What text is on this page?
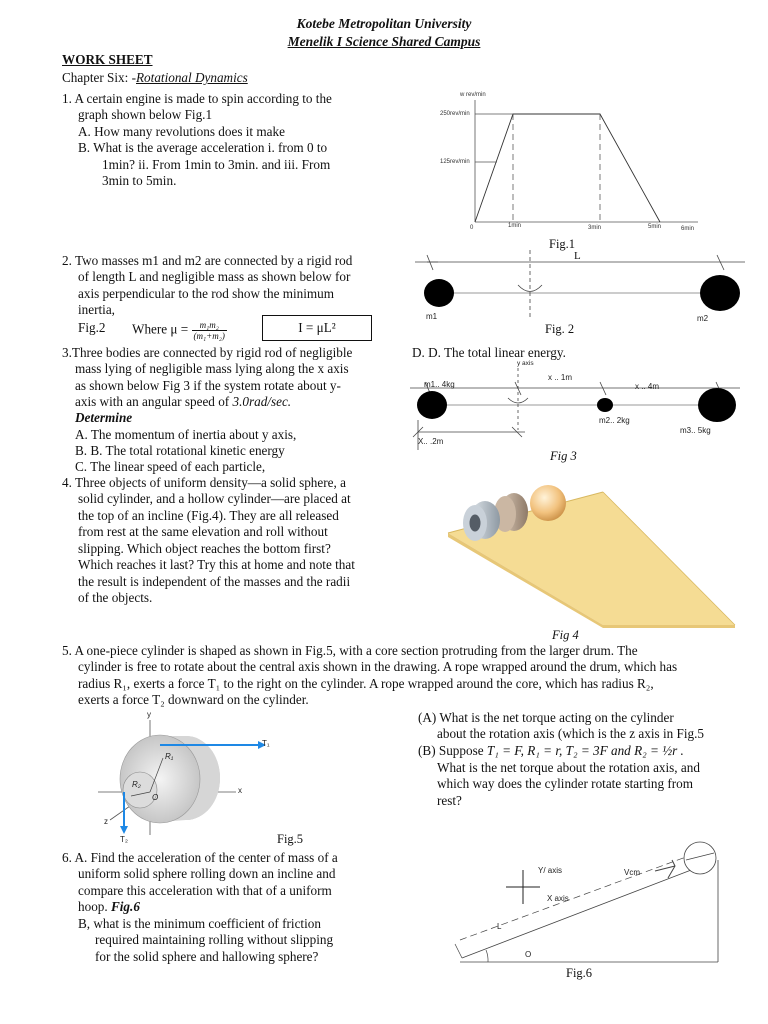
Kotebe Metropolitan University
Menelik I Science Shared Campus
WORK SHEET
Chapter Six: -Rotational Dynamics
1. A certain engine is made to spin according to the
graph shown below Fig.1
A. How many revolutions does it make
B. What is the average acceleration i. from 0 to
1min? ii. From 1min to 3min. and iii. From
3min to 5min.
w rev/min
250rev/min
125rev/min
0	1min	3min	5min	6min
Fig.1
2. Two masses m1 and m2 are connected by a rigid rod
of length L and negligible mass as shown below for
axis perpendicular to the rod show the minimum
inertia,
Fig.2 Where $\mu = \frac{\text{m₁m₂}}{\text{(m₁+m₂)}}$	I = μL²
L
m1	m2
Fig. 2
3.Three bodies are connected by rigid rod of negligible
mass lying of negligible mass lying along the x axis
as shown below Fig 3 if the system rotate about y-
axis with an angular speed of 3.0rad/sec.
Determine
A. The momentum of inertia about y axis,
B. B. The total rotational kinetic energy
C. The linear speed of each particle,
D. D. The total linear energy.
y axis
x .. 1m
x .. 4m
m1.. 4kg
m2.. 2kg
m3.. 5kg
X.. .2m
Fig 3
4. Three objects of uniform density—a solid sphere, a
solid cylinder, and a hollow cylinder—are placed at
the top of an incline (Fig.4). They are all released
from rest at the same elevation and roll without
slipping. Which object reaches the bottom first?
Which reaches it last? Try this at home and note that
the result is independent of the masses and the radii
of the objects.
Fig 4
5. A one-piece cylinder is shaped as shown in Fig.5, with a core section protruding from the larger drum. The
cylinder is free to rotate about the central axis shown in the drawing. A rope wrapped around the drum, which has
radius R₁, exerts a force T₁ to the right on the cylinder. A rope wrapped around the core, which has radius R₂,
exerts a force T₂ downward on the cylinder.
(A) What is the net torque acting on the cylinder
about the rotation axis (which is the z axis in Fig.5
(B) Suppose T₁ = F, R₁ = r, T₂ = 3F and R₂ = ½r .
What is the net torque about the rotation axis, and
which way does the cylinder rotate starting from
rest?
y
x
z
O
T₁
T₂
R₁
R₂
Fig.5
6. A. Find the acceleration of the center of mass of a
uniform solid sphere rolling down an incline and
compare this acceleration with that of a uniform
hoop. Fig.6
B, what is the minimum coefficient of friction
required maintaining rolling without slipping
for the solid sphere and hallowing sphere?
Y/ axis
X axis
Vcm
L
O
Fig.6
